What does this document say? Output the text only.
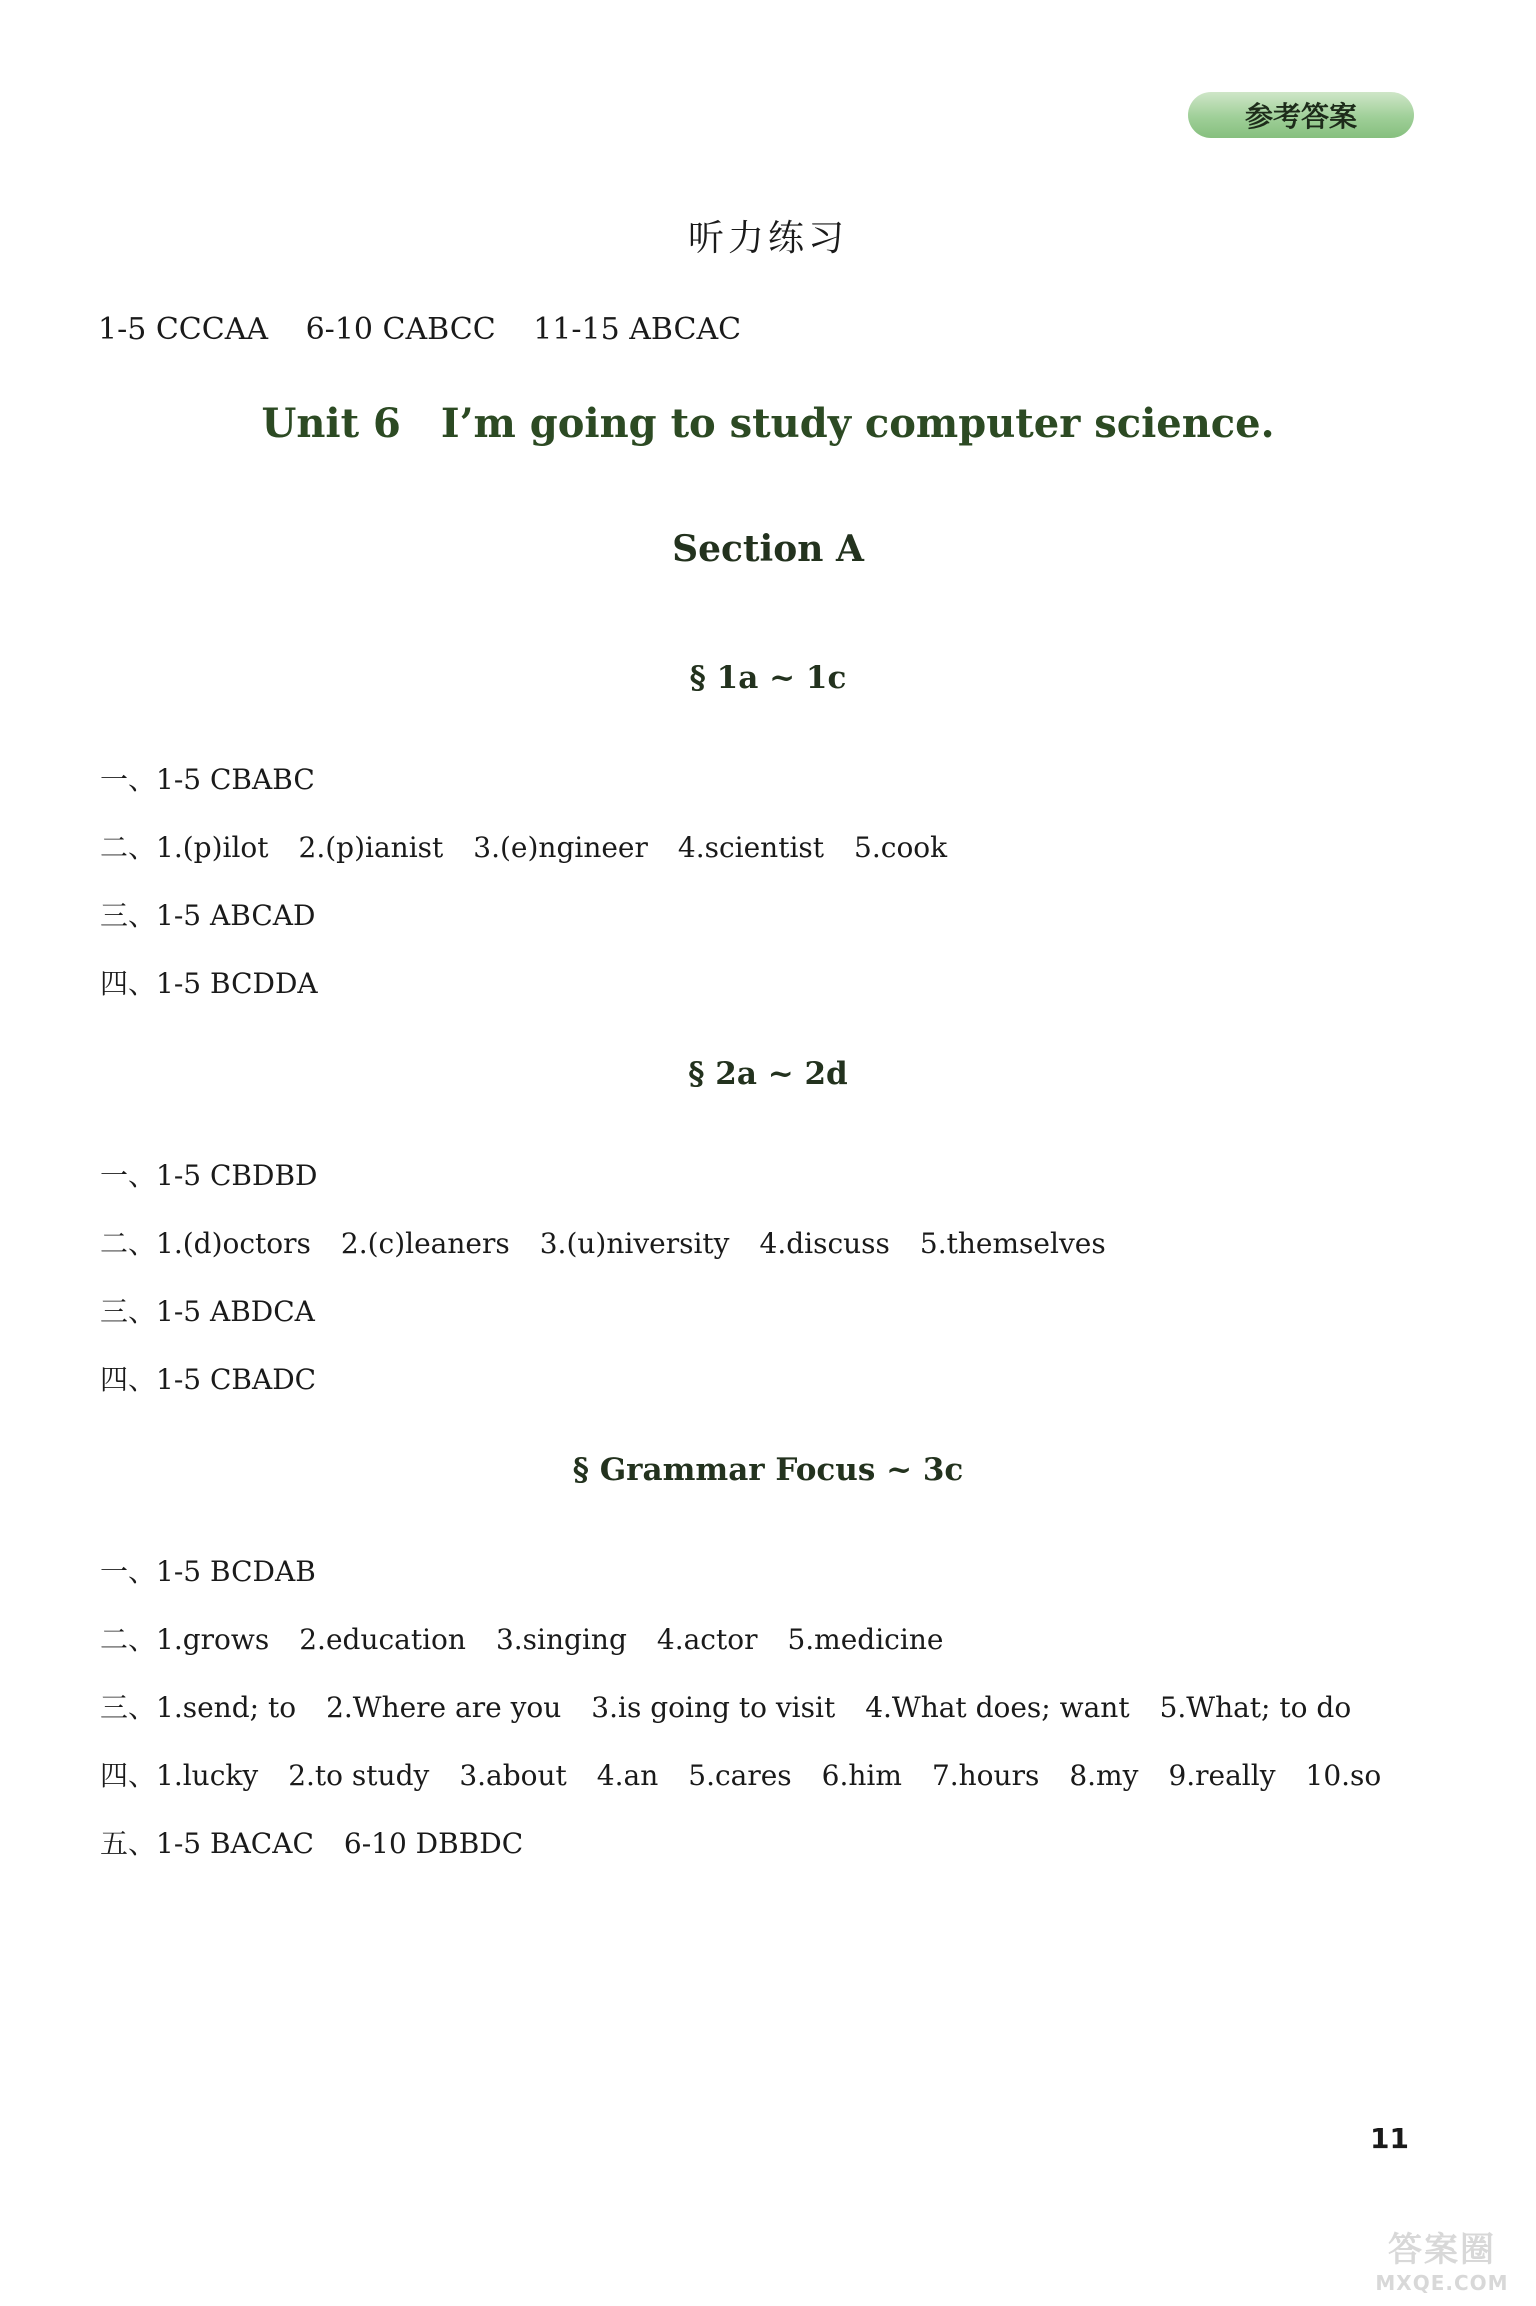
参考答案
听力练习
1-5 CCCAA 6-10 CABCC 11-15 ABCAC
Unit 6 I’m going to study computer science.
Section A
§ 1a ~ 1c
一、1-5 CBABC
二、1.(p)ilot 2.(p)ianist 3.(e)ngineer 4.scientist 5.cook
三、1-5 ABCAD
四、1-5 BCDDA
§ 2a ~ 2d
一、1-5 CBDBD
二、1.(d)octors 2.(c)leaners 3.(u)niversity 4.discuss 5.themselves
三、1-5 ABDCA
四、1-5 CBADC
§ Grammar Focus ~ 3c
一、1-5 BCDAB
二、1.grows 2.education 3.singing 4.actor 5.medicine
三、1.send; to 2.Where are you 3.is going to visit 4.What does; want 5.What; to do
四、1.lucky 2.to study 3.about 4.an 5.cares 6.him 7.hours 8.my 9.really 10.so
五、1-5 BACAC 6-10 DBBDC
11
答案圈
MXQE.COM
